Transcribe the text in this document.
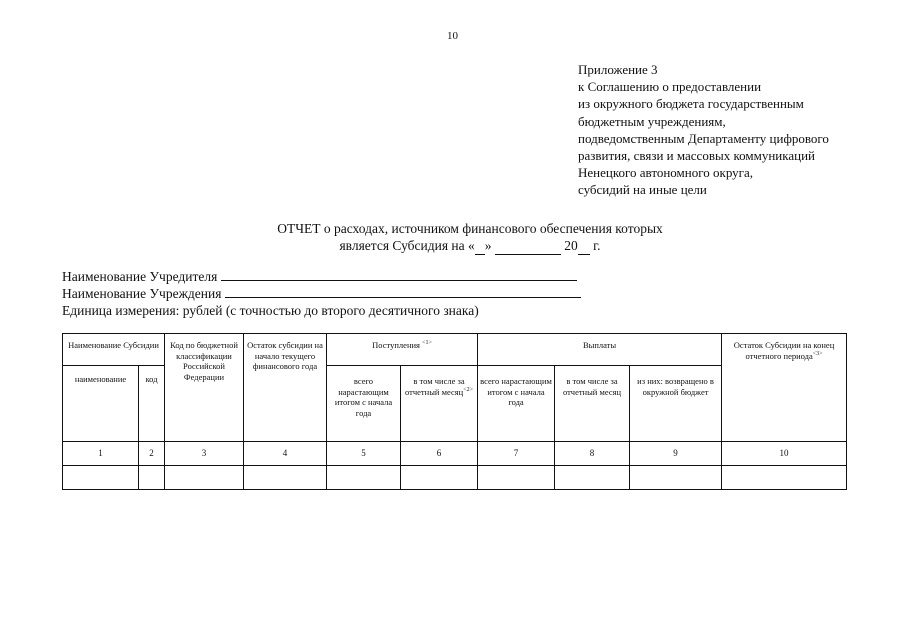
10
Приложение 3
к Соглашению о предоставлении
из окружного бюджета государственным
бюджетным учреждениям,
подведомственным Департаменту цифрового
развития, связи и массовых коммуникаций
Ненецкого автономного округа,
субсидий на иные цели
ОТЧЕТ о расходах, источником финансового обеспечения которых
является Субсидия на « »	20 г.
Наименование Учредителя
Наименование Учреждения
Единица измерения: рублей (с точностью до второго десятичного знака)
Наименование Субсидии		Код по бюджетной классификации Российской Федерации	Остаток субсидии на начало текущего финансового года	Поступления $^{<1>}$		Выплаты			Остаток Субсидии на конец отчетного периода$^{<3>}$
наименование	код			всего нарастающим итогом с начала года	в том числе за отчетный месяц$^{<2>}$	всего нарастающим итогом с начала года	в том числе за отчетный месяц	из них: возвращено в окружной бюджет	
1	2	3	4	5	6	7	8	9	10
